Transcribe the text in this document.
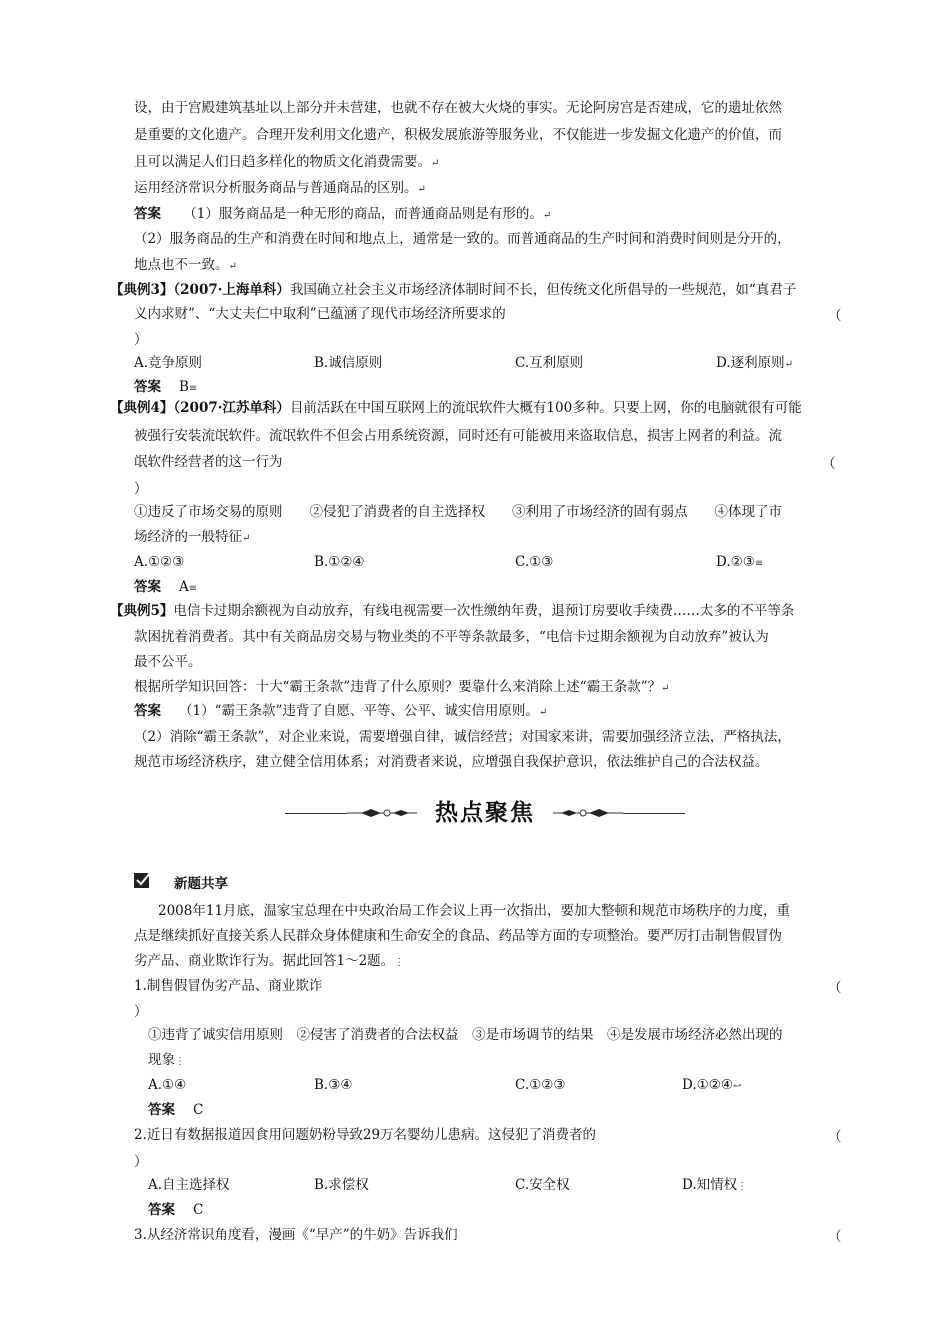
设，由于宫殿建筑基址以上部分并未营建，也就不存在被大火烧的事实。无论阿房宫是否建成，它的遗址依然
是重要的文化遗产。合理开发利用文化遗产，积极发展旅游等服务业，不仅能进一步发掘文化遗产的价值，而
且可以满足人们日趋多样化的物质文化消费需要。↵
运用经济常识分析服务商品与普通商品的区别。↵
答案 （1）服务商品是一种无形的商品，而普通商品则是有形的。↵
（2）服务商品的生产和消费在时间和地点上，通常是一致的。而普通商品的生产时间和消费时间则是分开的，
地点也不一致。↵
【典例3】（2007·上海单科）我国确立社会主义市场经济体制时间不长，但传统文化所倡导的一些规范，如“真君子
义内求财”、“大丈夫仁中取利”已蕴涵了现代市场经济所要求的	（
）
A.竞争原则	B.诚信原则	C.互利原则	D.逐利原则↵
答案 B≡
【典例4】（2007·江苏单科）目前活跃在中国互联网上的流氓软件大概有100多种。只要上网，你的电脑就很有可能
被强行安装流氓软件。流氓软件不但会占用系统资源，同时还有可能被用来盗取信息，损害上网者的利益。流
氓软件经营者的这一行为	（
）
①违反了市场交易的原则　　②侵犯了消费者的自主选择权　　③利用了市场经济的固有弱点　　④体现了市
场经济的一般特征↵
A.①②③	B.①②④	C.①③	D.②③≡
答案 A≡
【典例5】电信卡过期余额视为自动放弃，有线电视需要一次性缴纳年费，退预订房要收手续费……太多的不平等条
款困扰着消费者。其中有关商品房交易与物业类的不平等条款最多，“电信卡过期余额视为自动放弃”被认为
最不公平。
根据所学知识回答：十大“霸王条款”违背了什么原则？要靠什么来消除上述“霸王条款”？↵
答案 （1）“霸王条款”违背了自愿、平等、公平、诚实信用原则。↵
（2）消除“霸王条款”，对企业来说，需要增强自律，诚信经营；对国家来讲，需要加强经济立法，严格执法，
规范市场经济秩序，建立健全信用体系；对消费者来说，应增强自我保护意识，依法维护自己的合法权益。
热点聚焦
新题共享
2008年11月底，温家宝总理在中央政治局工作会议上再一次指出，要加大整顿和规范市场秩序的力度，重
点是继续抓好直接关系人民群众身体健康和生命安全的食品、药品等方面的专项整治。要严厉打击制售假冒伪
劣产品、商业欺诈行为。据此回答1～2题。⋮
1.制售假冒伪劣产品、商业欺诈	（
）
①违背了诚实信用原则　②侵害了消费者的合法权益　③是市场调节的结果　④是发展市场经济必然出现的
现象⋮
A.①④	B.③④	C.①②③	D.①②④↩
答案 C
2.近日有数据报道因食用问题奶粉导致29万名婴幼儿患病。这侵犯了消费者的	（
）
A.自主选择权	B.求偿权	C.安全权	D.知情权⋮
答案 C
3.从经济常识角度看，漫画《“早产”的牛奶》告诉我们	（
